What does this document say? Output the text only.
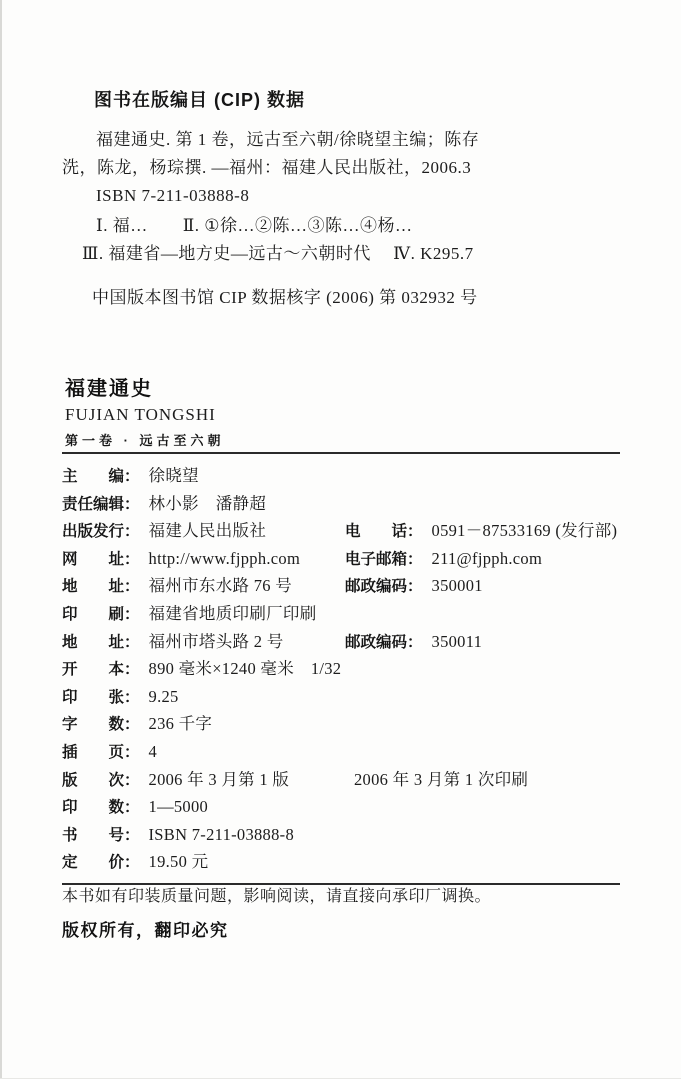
图书在版编目 (CIP) 数据
福建通史. 第 1 卷，远古至六朝/徐晓望主编；陈存
洗，陈龙，杨琮撰. —福州：福建人民出版社，2006.3
ISBN 7-211-03888-8
Ⅰ. 福…　　Ⅱ. ①徐…②陈…③陈…④杨…
Ⅲ. 福建省—地方史—远古～六朝时代　 Ⅳ. K295.7
中国版本图书馆 CIP 数据核字 (2006) 第 032932 号
福建通史
FUJIAN TONGSHI
第一卷 · 远古至六朝
主　　编： 徐晓望
责任编辑： 林小影　潘静超
出版发行： 福建人民出版社	电　　话： 0591－87533169 (发行部)
网　　址： http://www.fjpph.com	电子邮箱： 211@fjpph.com
地　　址： 福州市东水路 76 号	邮政编码： 350001
印　　刷： 福建省地质印刷厂印刷
地　　址： 福州市塔头路 2 号	邮政编码： 350011
开　　本： 890 毫米×1240 毫米　1/32
印　　张： 9.25
字　　数： 236 千字
插　　页： 4
版　　次： 2006 年 3 月第 1 版	2006 年 3 月第 1 次印刷
印　　数： 1—5000
书　　号： ISBN 7-211-03888-8
定　　价： 19.50 元
本书如有印装质量问题，影响阅读，请直接向承印厂调换。
版权所有，翻印必究
